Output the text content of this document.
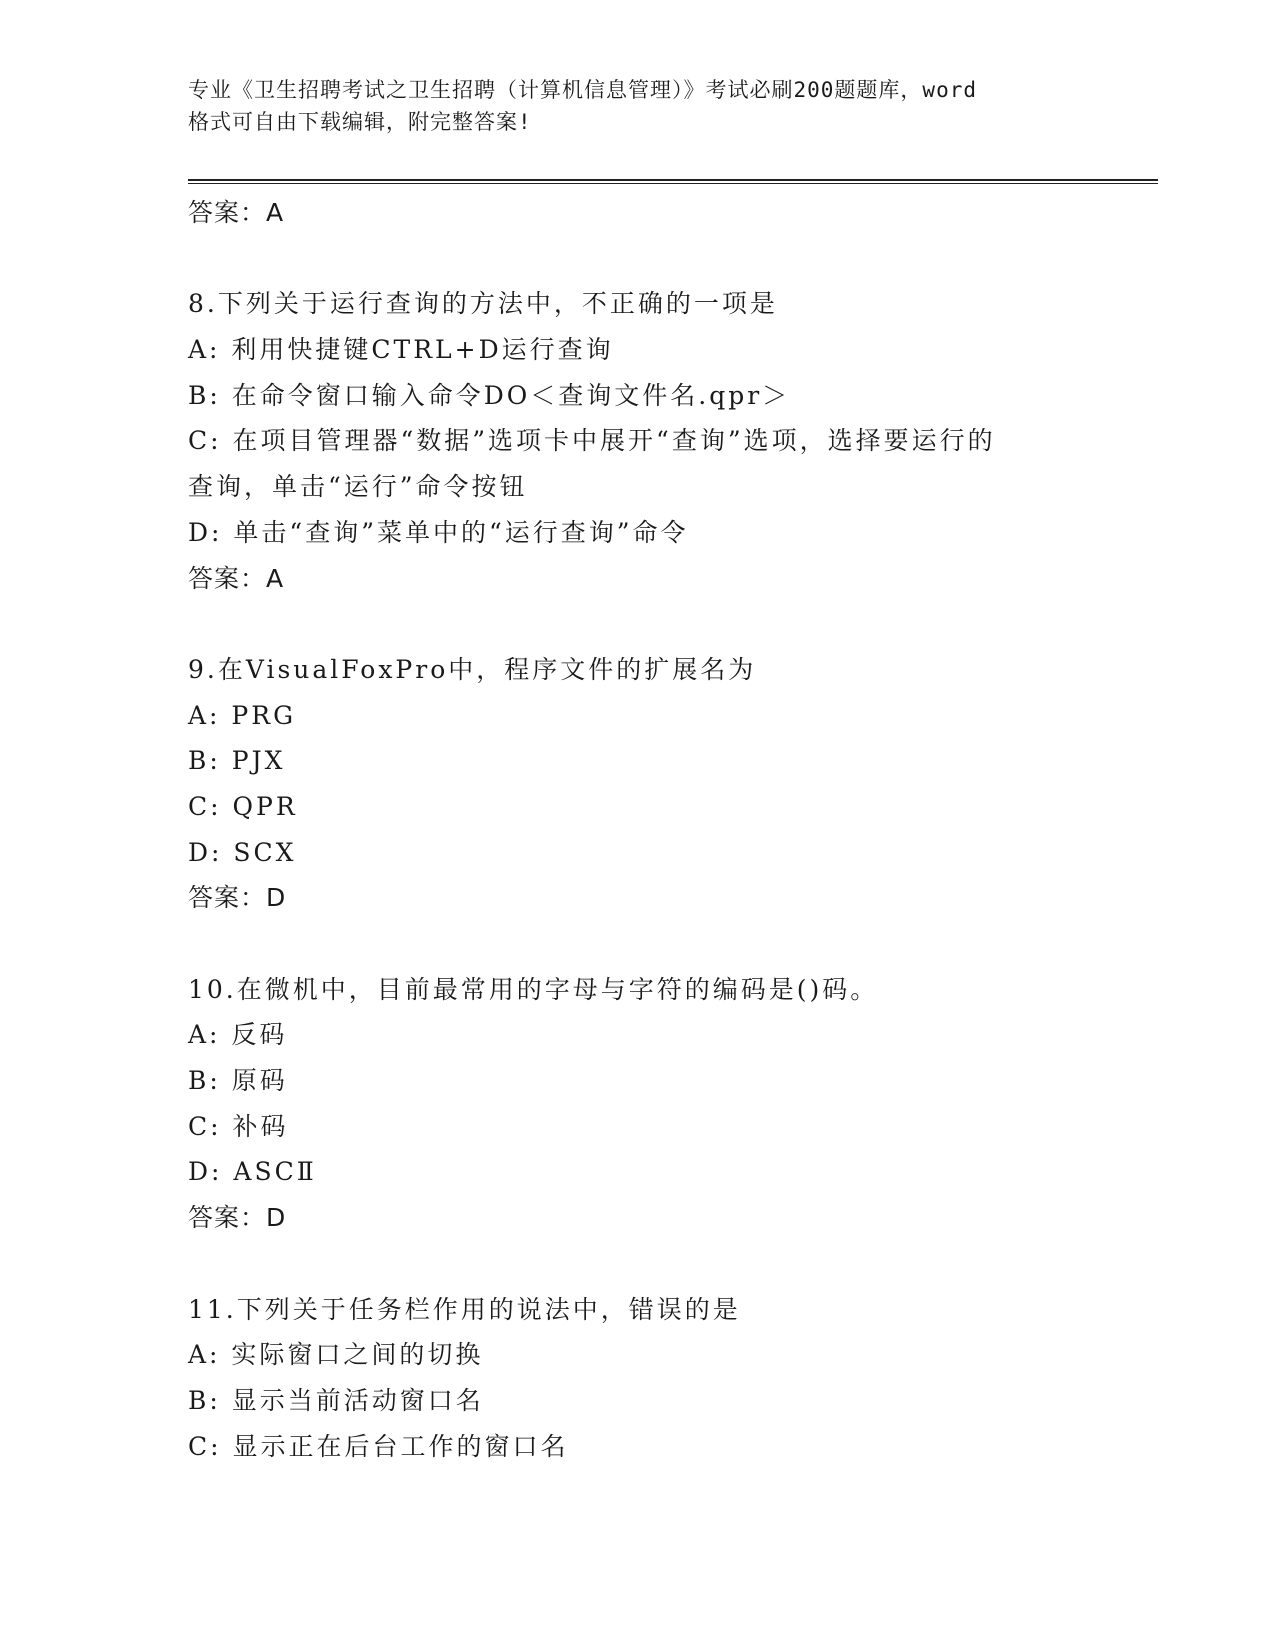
专业《卫生招聘考试之卫生招聘（计算机信息管理）》考试必刷200题题库，word
格式可自由下载编辑，附完整答案!
答案：A
8.下列关于运行查询的方法中，不正确的一项是
A: 利用快捷键CTRL+D运行查询
B: 在命令窗口输入命令DO＜查询文件名.qpr＞
C: 在项目管理器“数据”选项卡中展开“查询”选项，选择要运行的
查询，单击“运行”命令按钮
D: 单击“查询”菜单中的“运行查询”命令
答案：A
9.在VisualFoxPro中，程序文件的扩展名为
A: PRG
B: PJX
C: QPR
D: SCX
答案：D
10.在微机中，目前最常用的字母与字符的编码是()码。
A: 反码
B: 原码
C: 补码
D: ASCⅡ
答案：D
11.下列关于任务栏作用的说法中，错误的是
A: 实际窗口之间的切换
B: 显示当前活动窗口名
C: 显示正在后台工作的窗口名
